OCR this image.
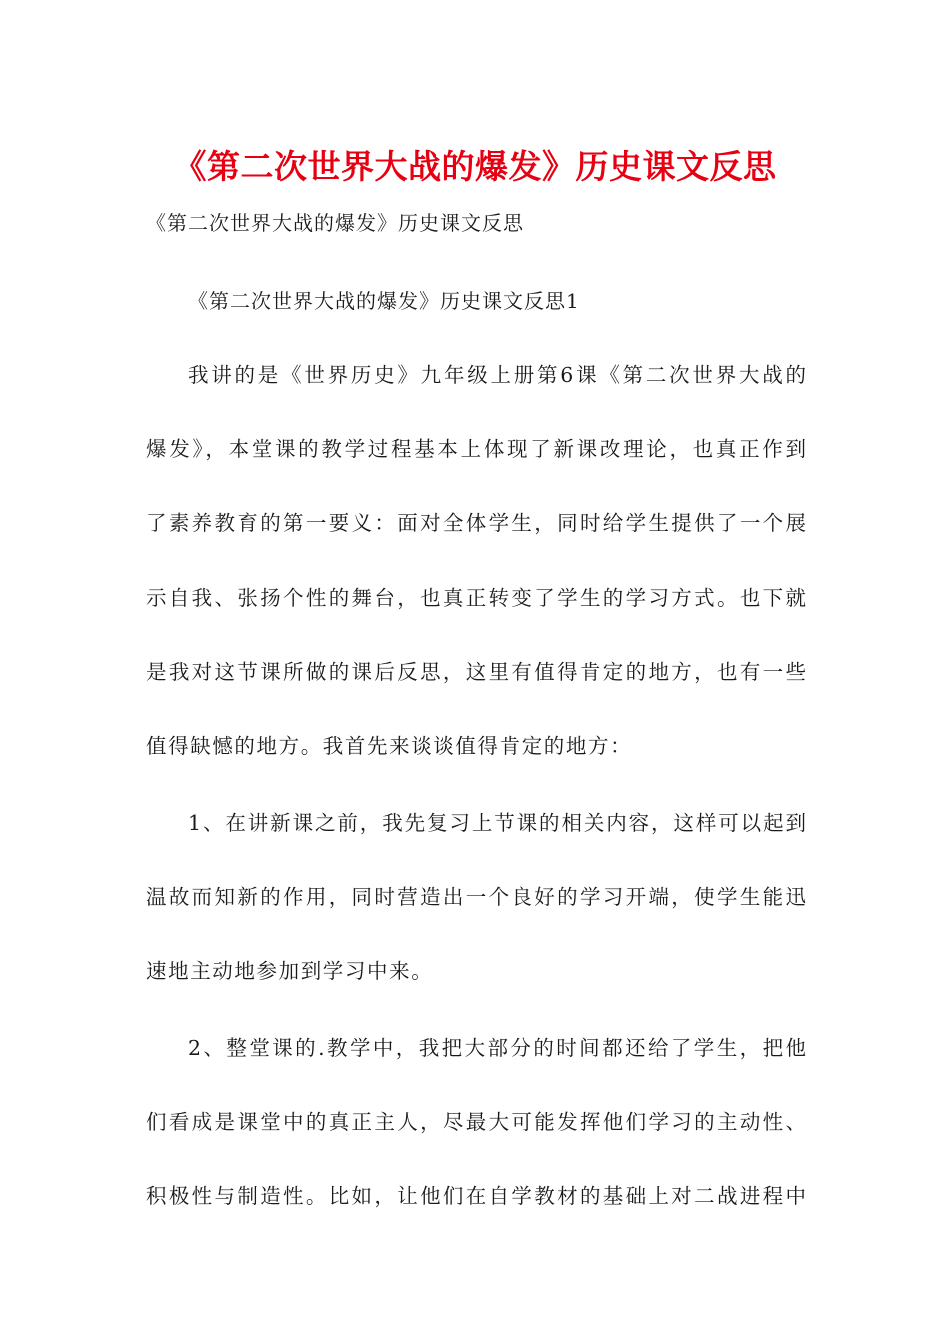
《第二次世界大战的爆发》历史课文反思
《第二次世界大战的爆发》历史课文反思
《第二次世界大战的爆发》历史课文反思1
我讲的是《世界历史》九年级上册第6课《第二次世界大战的
爆发》，本堂课的教学过程基本上体现了新课改理论，也真正作到
了素养教育的第一要义：面对全体学生，同时给学生提供了一个展
示自我、张扬个性的舞台，也真正转变了学生的学习方式。也下就
是我对这节课所做的课后反思，这里有值得肯定的地方，也有一些
值得缺憾的地方。我首先来谈谈值得肯定的地方：
1、在讲新课之前，我先复习上节课的相关内容，这样可以起到
温故而知新的作用，同时营造出一个良好的学习开端，使学生能迅
速地主动地参加到学习中来。
2、整堂课的.教学中，我把大部分的时间都还给了学生，把他
们看成是课堂中的真正主人，尽最大可能发挥他们学习的主动性、
积极性与制造性。比如，让他们在自学教材的基础上对二战进程中
